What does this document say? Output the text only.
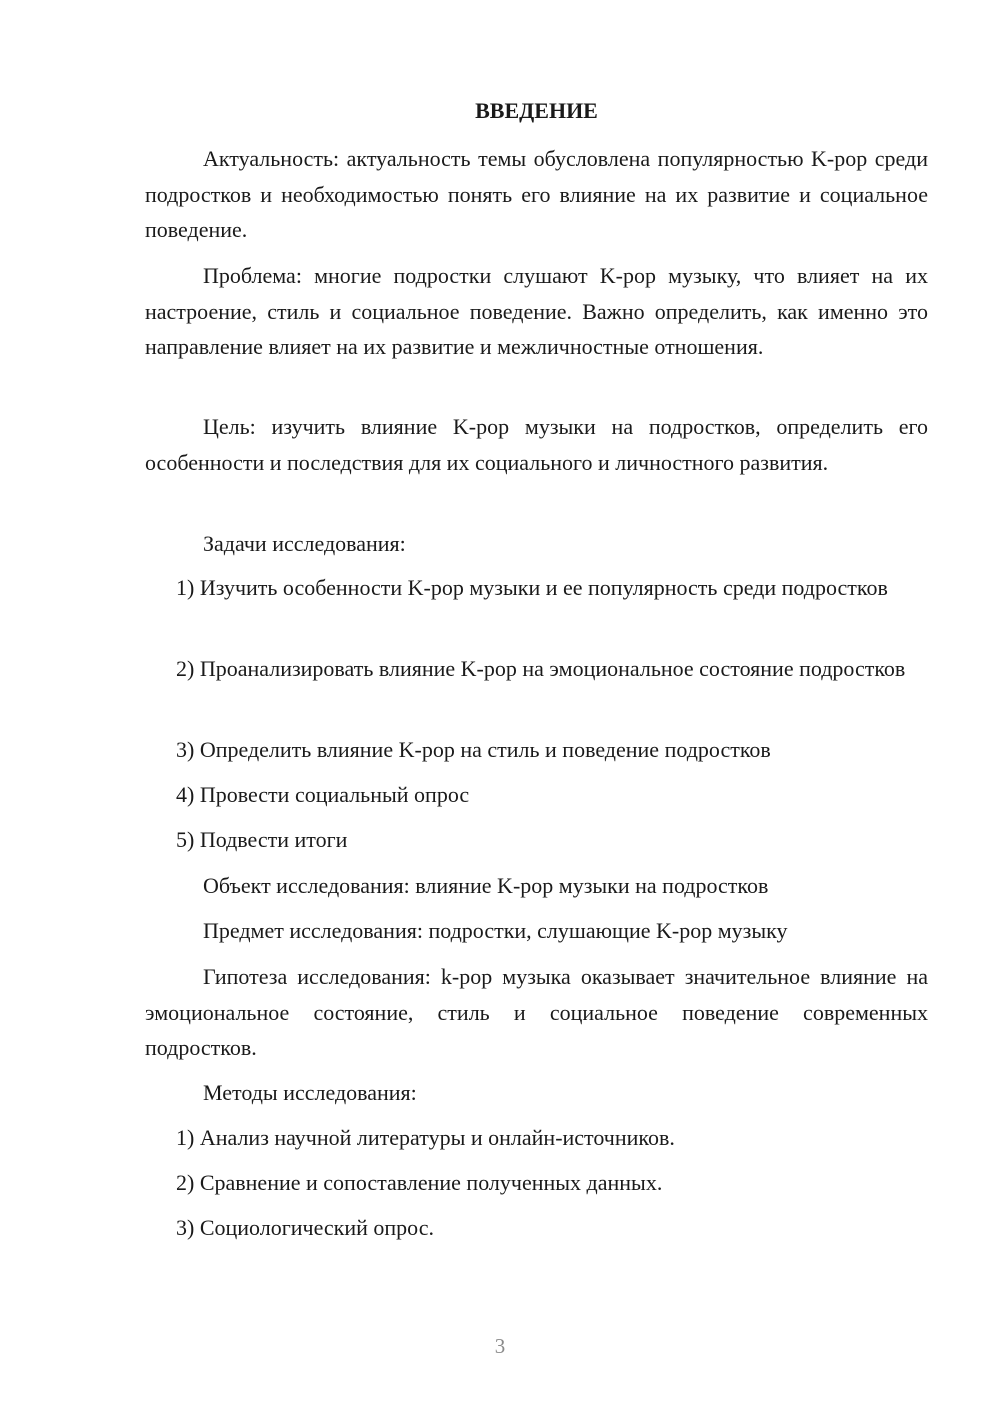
ВВЕДЕНИЕ

Актуальность: актуальность темы обусловлена популярностью K-pop среди подростков и необходимостью понять его влияние на их развитие и социальное поведение.

Проблема: многие подростки слушают K-pop музыку, что влияет на их настроение, стиль и социальное поведение. Важно определить, как именно это направление влияет на их развитие и межличностные отношения.

Цель: изучить влияние K-pop музыки на подростков, определить его особенности и последствия для их социального и личностного развития.

Задачи исследования:

1) Изучить особенности K-pop музыки и ее популярность среди подростков

2) Проанализировать влияние K-pop на эмоциональное состояние подростков

3) Определить влияние K-pop на стиль и поведение подростков

4) Провести социальный опрос

5) Подвести итоги

Объект исследования: влияние K-pop музыки на подростков

Предмет исследования: подростки, слушающие K-pop музыку

Гипотеза исследования: k-pop музыка оказывает значительное влияние на эмоциональное состояние, стиль и социальное поведение современных подростков.

Методы исследования:

1) Анализ научной литературы и онлайн-источников.

2) Сравнение и сопоставление полученных данных.

3) Социологический опрос.

3
